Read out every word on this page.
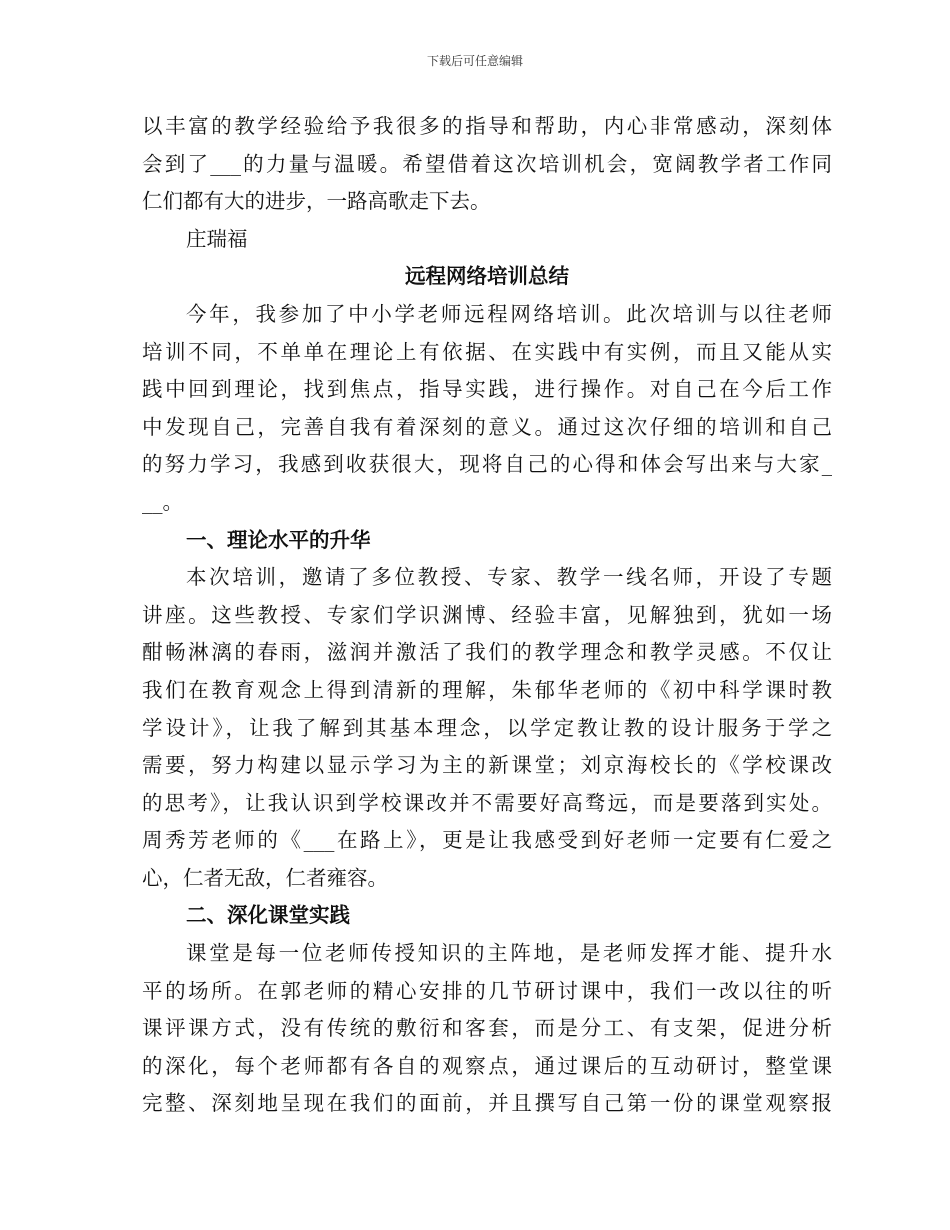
下载后可任意编辑
以丰富的教学经验给予我很多的指导和帮助，内心非常感动，深刻体
会到了___的力量与温暖。希望借着这次培训机会，宽阔教学者工作同
仁们都有大的进步，一路高歌走下去。
庄瑞福
远程网络培训总结
今年，我参加了中小学老师远程网络培训。此次培训与以往老师
培训不同，不单单在理论上有依据、在实践中有实例，而且又能从实
践中回到理论，找到焦点，指导实践，进行操作。对自己在今后工作
中发现自己，完善自我有着深刻的意义。通过这次仔细的培训和自己
的努力学习，我感到收获很大，现将自己的心得和体会写出来与大家_
__。
一、理论水平的升华
本次培训，邀请了多位教授、专家、教学一线名师，开设了专题
讲座。这些教授、专家们学识渊博、经验丰富，见解独到，犹如一场
酣畅淋漓的春雨，滋润并激活了我们的教学理念和教学灵感。不仅让
我们在教育观念上得到清新的理解，朱郁华老师的《初中科学课时教
学设计》，让我了解到其基本理念，以学定教让教的设计服务于学之
需要，努力构建以显示学习为主的新课堂；刘京海校长的《学校课改
的思考》，让我认识到学校课改并不需要好高骛远，而是要落到实处。
周秀芳老师的《___在路上》，更是让我感受到好老师一定要有仁爱之
心，仁者无敌，仁者雍容。
二、深化课堂实践
课堂是每一位老师传授知识的主阵地，是老师发挥才能、提升水
平的场所。在郭老师的精心安排的几节研讨课中，我们一改以往的听
课评课方式，没有传统的敷衍和客套，而是分工、有支架，促进分析
的深化，每个老师都有各自的观察点，通过课后的互动研讨，整堂课
完整、深刻地呈现在我们的面前，并且撰写自己第一份的课堂观察报
